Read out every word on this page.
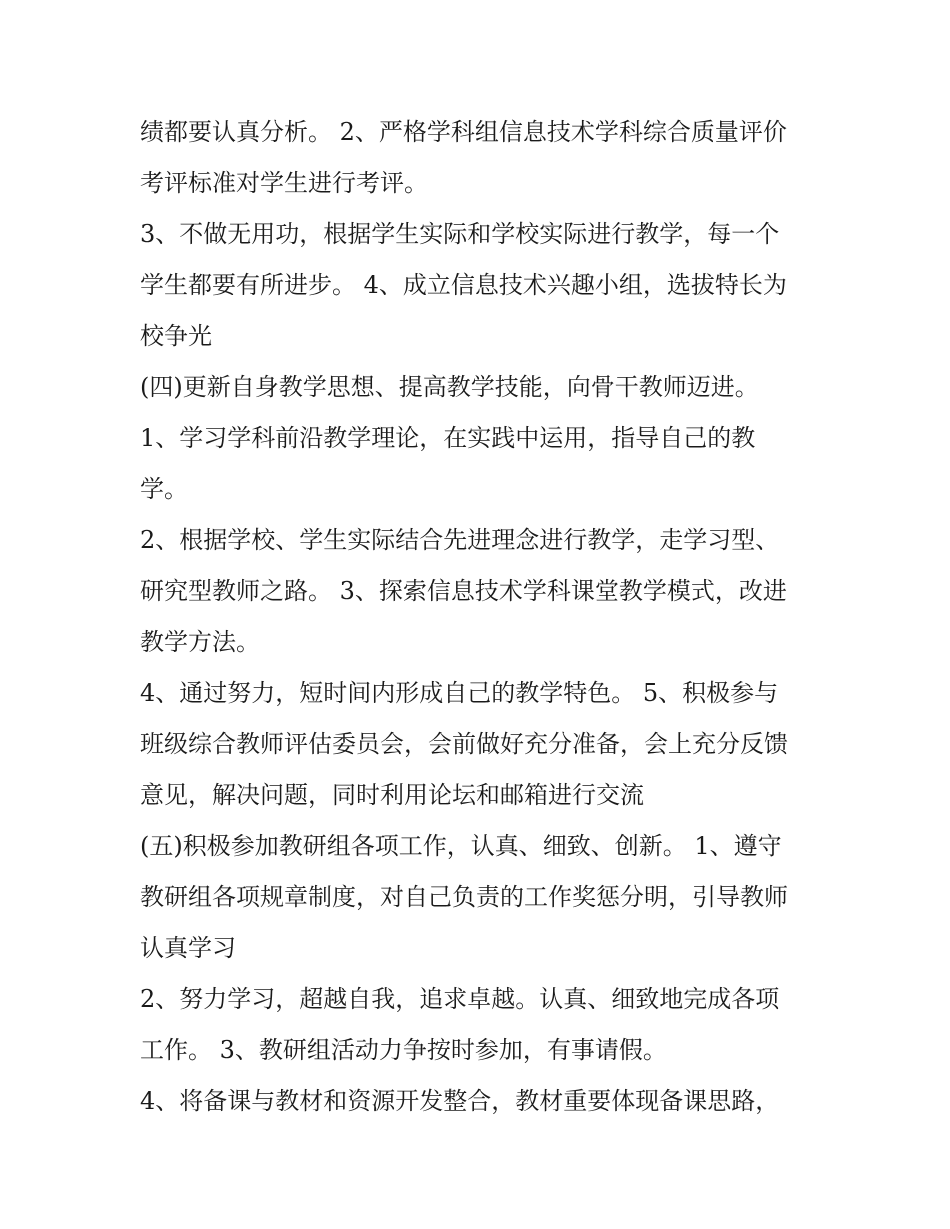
绩都要认真分析。 2、严格学科组信息技术学科综合质量评价
考评标准对学生进行考评。
3、不做无用功，根据学生实际和学校实际进行教学，每一个
学生都要有所进步。 4、成立信息技术兴趣小组，选拔特长为
校争光
(四)更新自身教学思想、提高教学技能，向骨干教师迈进。
1、学习学科前沿教学理论，在实践中运用，指导自己的教
学。
2、根据学校、学生实际结合先进理念进行教学，走学习型、
研究型教师之路。 3、探索信息技术学科课堂教学模式，改进
教学方法。
4、通过努力，短时间内形成自己的教学特色。 5、积极参与
班级综合教师评估委员会，会前做好充分准备，会上充分反馈
意见，解决问题，同时利用论坛和邮箱进行交流
(五)积极参加教研组各项工作，认真、细致、创新。 1、遵守
教研组各项规章制度，对自己负责的工作奖惩分明，引导教师
认真学习
2、努力学习，超越自我，追求卓越。认真、细致地完成各项
工作。 3、教研组活动力争按时参加，有事请假。
4、将备课与教材和资源开发整合，教材重要体现备课思路，
